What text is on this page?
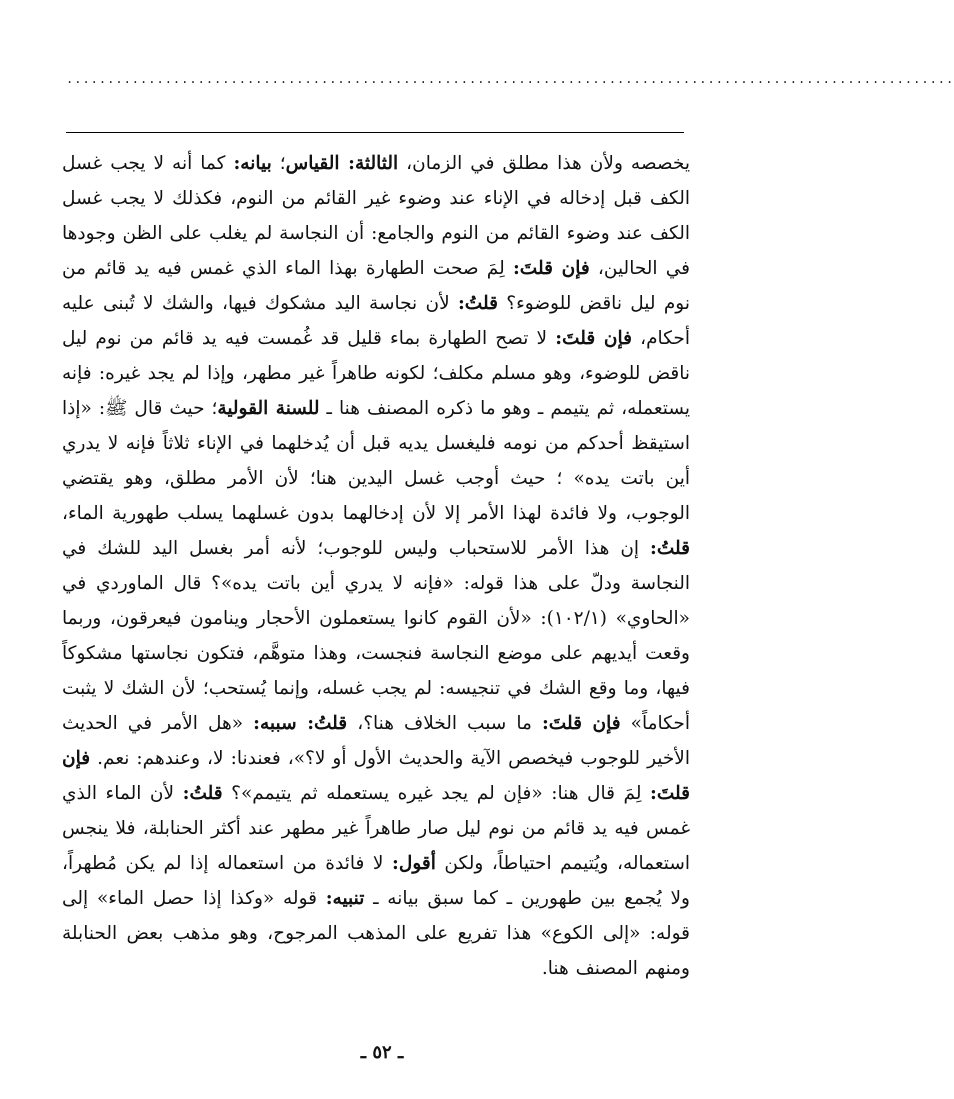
............................................................................................................

يخصصه ولأن هذا مطلق في الزمان، الثالثة: القياس؛ بيانه: كما أنه لا يجب غسل الكف قبل إدخاله في الإناء عند وضوء غير القائم من النوم، فكذلك لا يجب غسل الكف عند وضوء القائم من النوم والجامع: أن النجاسة لم يغلب على الظن وجودها في الحالين، فإن قلتَ: لِمَ صحت الطهارة بهذا الماء الذي غمس فيه يد قائم من نوم ليل ناقض للوضوء؟ قلتُ: لأن نجاسة اليد مشكوك فيها، والشك لا تُبنى عليه أحكام، فإن قلتَ: لا تصح الطهارة بماء قليل قد غُمست فيه يد قائم من نوم ليل ناقض للوضوء، وهو مسلم مكلف؛ لكونه طاهراً غير مطهر، وإذا لم يجد غيره: فإنه يستعمله، ثم يتيمم ـ وهو ما ذكره المصنف هنا ـ للسنة القولية؛ حيث قال ﷺ: «إذا استيقظ أحدكم من نومه فليغسل يديه قبل أن يُدخلهما في الإناء ثلاثاً فإنه لا يدري أين باتت يده» ؛ حيث أوجب غسل اليدين هنا؛ لأن الأمر مطلق، وهو يقتضي الوجوب، ولا فائدة لهذا الأمر إلا لأن إدخالهما بدون غسلهما يسلب طهورية الماء، قلتُ: إن هذا الأمر للاستحباب وليس للوجوب؛ لأنه أمر بغسل اليد للشك في النجاسة ودلّ على هذا قوله: «فإنه لا يدري أين باتت يده»؟ قال الماوردي في «الحاوي» (١٠٢/١): «لأن القوم كانوا يستعملون الأحجار وينامون فيعرقون، وربما وقعت أيديهم على موضع النجاسة فنجست، وهذا متوهَّم، فتكون نجاستها مشكوكاً فيها، وما وقع الشك في تنجيسه: لم يجب غسله، وإنما يُستحب؛ لأن الشك لا يثبت أحكاماً» فإن قلتَ: ما سبب الخلاف هنا؟، قلتُ: سببه: «هل الأمر في الحديث الأخير للوجوب فيخصص الآية والحديث الأول أو لا؟»، فعندنا: لا، وعندهم: نعم. فإن قلتَ: لِمَ قال هنا: «فإن لم يجد غيره يستعمله ثم يتيمم»؟ قلتُ: لأن الماء الذي غمس فيه يد قائم من نوم ليل صار طاهراً غير مطهر عند أكثر الحنابلة، فلا ينجس استعماله، ويُتيمم احتياطاً، ولكن أقول: لا فائدة من استعماله إذا لم يكن مُطهراً، ولا يُجمع بين طهورين ـ كما سبق بيانه ـ تنبيه: قوله «وكذا إذا حصل الماء» إلى قوله: «إلى الكوع» هذا تفريع على المذهب المرجوح، وهو مذهب بعض الحنابلة ومنهم المصنف هنا.

ـ ٥٢ ـ
